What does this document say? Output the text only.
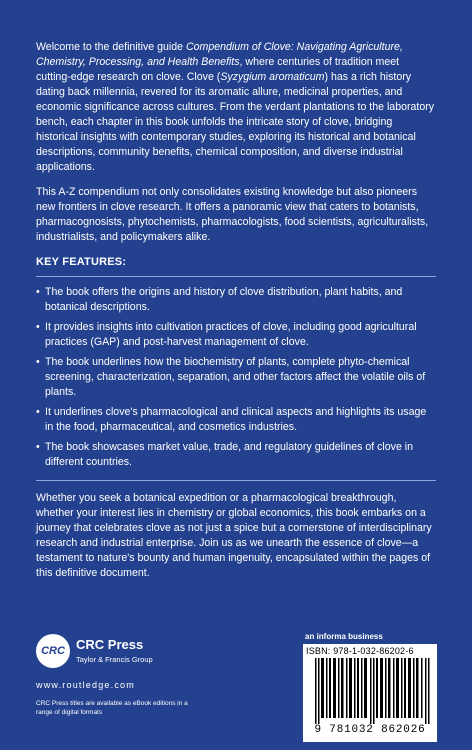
Welcome to the definitive guide Compendium of Clove: Navigating Agriculture, Chemistry, Processing, and Health Benefits, where centuries of tradition meet cutting-edge research on clove. Clove (Syzygium aromaticum) has a rich history dating back millennia, revered for its aromatic allure, medicinal properties, and economic significance across cultures. From the verdant plantations to the laboratory bench, each chapter in this book unfolds the intricate story of clove, bridging historical insights with contemporary studies, exploring its historical and botanical descriptions, community benefits, chemical composition, and diverse industrial applications.

This A-Z compendium not only consolidates existing knowledge but also pioneers new frontiers in clove research. It offers a panoramic view that caters to botanists, pharmacognosists, phytochemists, pharmacologists, food scientists, agriculturalists, industrialists, and policymakers alike.

KEY FEATURES:
• The book offers the origins and history of clove distribution, plant habits, and botanical descriptions.
• It provides insights into cultivation practices of clove, including good agricultural practices (GAP) and post-harvest management of clove.
• The book underlines how the biochemistry of plants, complete phyto-chemical screening, characterization, separation, and other factors affect the volatile oils of plants.
• It underlines clove's pharmacological and clinical aspects and highlights its usage in the food, pharmaceutical, and cosmetics industries.
• The book showcases market value, trade, and regulatory guidelines of clove in different countries.

Whether you seek a botanical expedition or a pharmacological breakthrough, whether your interest lies in chemistry or global economics, this book embarks on a journey that celebrates clove as not just a spice but a cornerstone of interdisciplinary research and industrial enterprise. Join us as we unearth the essence of clove—a testament to nature's bounty and human ingenuity, encapsulated within the pages of this definitive document.

CRC CRC Press
Taylor & Francis Group
www.routledge.com
CRC Press titles are available as eBook editions in a range of digital formats
an informa business
ISBN: 978-1-032-86202-6
9 781032 862026
